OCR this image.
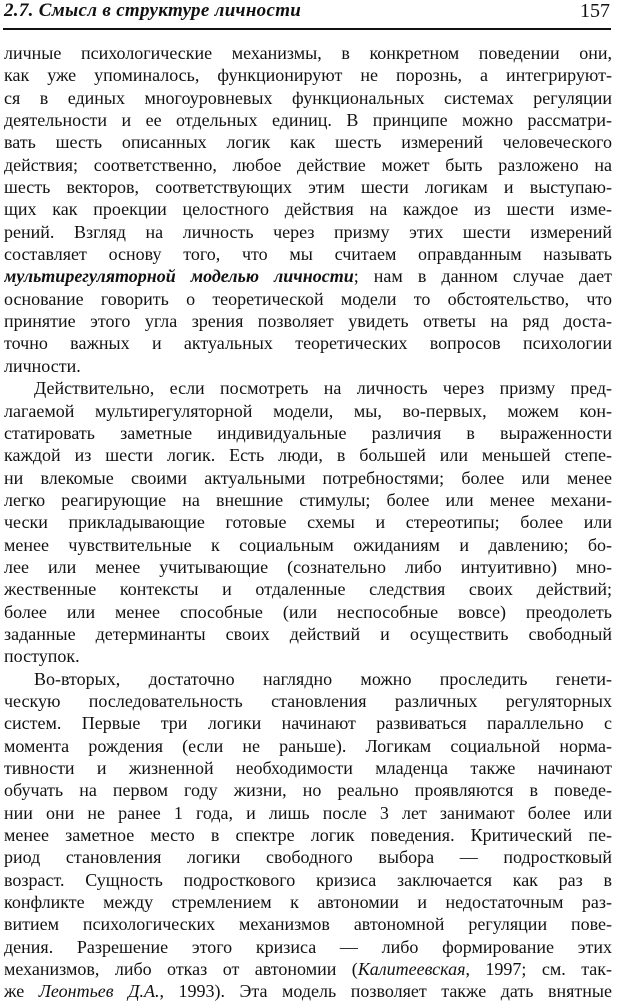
2.7. Смысл в структуре личности	157
личные психологические механизмы, в конкретном поведении они,
как уже упоминалось, функционируют не порознь, а интегрируют-
ся в единых многоуровневых функциональных системах регуляции
деятельности и ее отдельных единиц. В принципе можно рассматри-
вать шесть описанных логик как шесть измерений человеческого
действия; соответственно, любое действие может быть разложено на
шесть векторов, соответствующих этим шести логикам и выступаю-
щих как проекции целостного действия на каждое из шести изме-
рений. Взгляд на личность через призму этих шести измерений
составляет основу того, что мы считаем оправданным называть
мультирегуляторной моделью личности; нам в данном случае дает
основание говорить о теоретической модели то обстоятельство, что
принятие этого угла зрения позволяет увидеть ответы на ряд доста-
точно важных и актуальных теоретических вопросов психологии
личности.
Действительно, если посмотреть на личность через призму пред-
лагаемой мультирегуляторной модели, мы, во-первых, можем кон-
статировать заметные индивидуальные различия в выраженности
каждой из шести логик. Есть люди, в большей или меньшей степе-
ни влекомые своими актуальными потребностями; более или менее
легко реагирующие на внешние стимулы; более или менее механи-
чески прикладывающие готовые схемы и стереотипы; более или
менее чувствительные к социальным ожиданиям и давлению; бо-
лее или менее учитывающие (сознательно либо интуитивно) мно-
жественные контексты и отдаленные следствия своих действий;
более или менее способные (или неспособные вовсе) преодолеть
заданные детерминанты своих действий и осуществить свободный
поступок.
Во-вторых, достаточно наглядно можно проследить генети-
ческую последовательность становления различных регуляторных
систем. Первые три логики начинают развиваться параллельно с
момента рождения (если не раньше). Логикам социальной норма-
тивности и жизненной необходимости младенца также начинают
обучать на первом году жизни, но реально проявляются в поведе-
нии они не ранее 1 года, и лишь после 3 лет занимают более или
менее заметное место в спектре логик поведения. Критический пе-
риод становления логики свободного выбора — подростковый
возраст. Сущность подросткового кризиса заключается как раз в
конфликте между стремлением к автономии и недостаточным раз-
витием психологических механизмов автономной регуляции пове-
дения. Разрешение этого кризиса — либо формирование этих
механизмов, либо отказ от автономии (Калитеевская, 1997; см. так-
же Леонтьев Д.А., 1993). Эта модель позволяет также дать внятные
